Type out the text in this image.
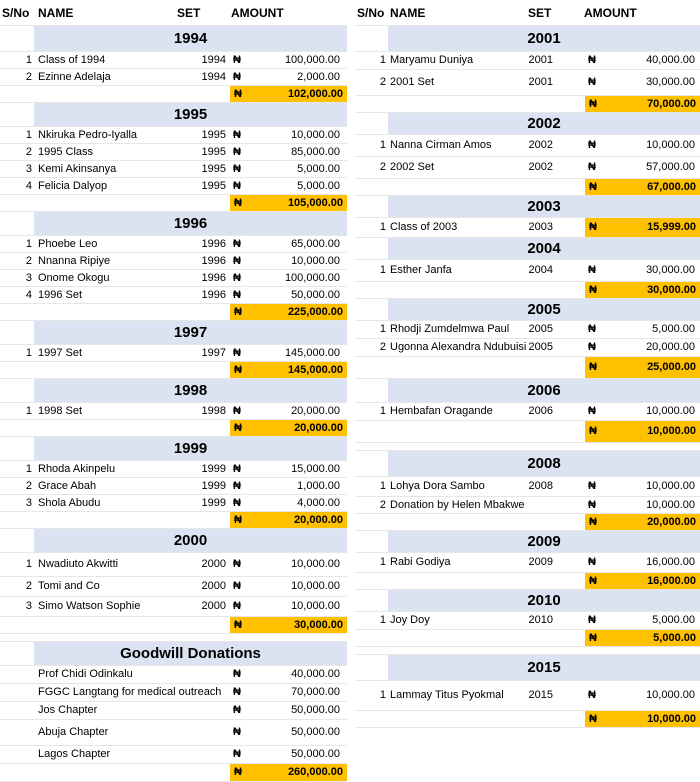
S/No NAME	SET	AMOUNT
1994
1 Class of 1994	1994 ₦	100,000.00
2 Ezinne Adelaja	1994 ₦	2,000.00
₦	102,000.00
1995
1 Nkiruka Pedro-Iyalla	1995 ₦	10,000.00
2 1995 Class	1995 ₦	85,000.00
3 Kemi Akinsanya	1995 ₦	5,000.00
4 Felicia Dalyop	1995 ₦	5,000.00
₦	105,000.00
1996
1 Phoebe Leo	1996 ₦	65,000.00
2 Nnanna Ripiye	1996 ₦	10,000.00
3 Onome Okogu	1996 ₦	100,000.00
4 1996 Set	1996 ₦	50,000.00
₦	225,000.00
1997
1 1997 Set	1997 ₦	145,000.00
₦	145,000.00
1998
1 1998 Set	1998 ₦	20,000.00
₦	20,000.00
1999
1 Rhoda Akinpelu	1999 ₦	15,000.00
2 Grace Abah	1999 ₦	1,000.00
3 Shola Abudu	1999 ₦	4,000.00
₦	20,000.00
2000
1 Nwadiuto Akwitti	2000 ₦	10,000.00
2 Tomi and Co	2000 ₦	10,000.00
3 Simo Watson Sophie	2000 ₦	10,000.00
₦	30,000.00
Goodwill Donations
Prof Chidi Odinkalu	₦	40,000.00
FGGC Langtang for medical outreach ₦	70,000.00
Jos Chapter	₦	50,000.00
Abuja Chapter	₦	50,000.00
Lagos Chapter	₦	50,000.00
₦	260,000.00
S/No NAME	SET	AMOUNT
2001
1 Maryamu Duniya	2001	₦	40,000.00
2 2001 Set	2001	₦	30,000.00
₦	70,000.00
2002
1 Nanna Cirman Amos	2002	₦	10,000.00
2 2002 Set	2002	₦	57,000.00
₦	67,000.00
2003
1 Class of 2003	2003	₦	15,999.00
2004
1 Esther Janfa	2004	₦	30,000.00
₦	30,000.00
2005
1 Rhodji Zumdelmwa Paul	2005	₦	5,000.00
2 Ugonna Alexandra Ndubuisi 2005	₦	20,000.00
₦	25,000.00
2006
1 Hembafan Oragande	2006	₦	10,000.00
₦	10,000.00
2008
1 Lohya Dora Sambo	2008	₦	10,000.00
2 Donation by Helen Mbakwe	₦	10,000.00
₦	20,000.00
2009
1 Rabi Godiya	2009	₦	16,000.00
₦	16,000.00
2010
1 Joy Doy	2010	₦	5,000.00
₦	5,000.00
2015
1 Lammay Titus Pyokmal	2015	₦	10,000.00
₦	10,000.00
